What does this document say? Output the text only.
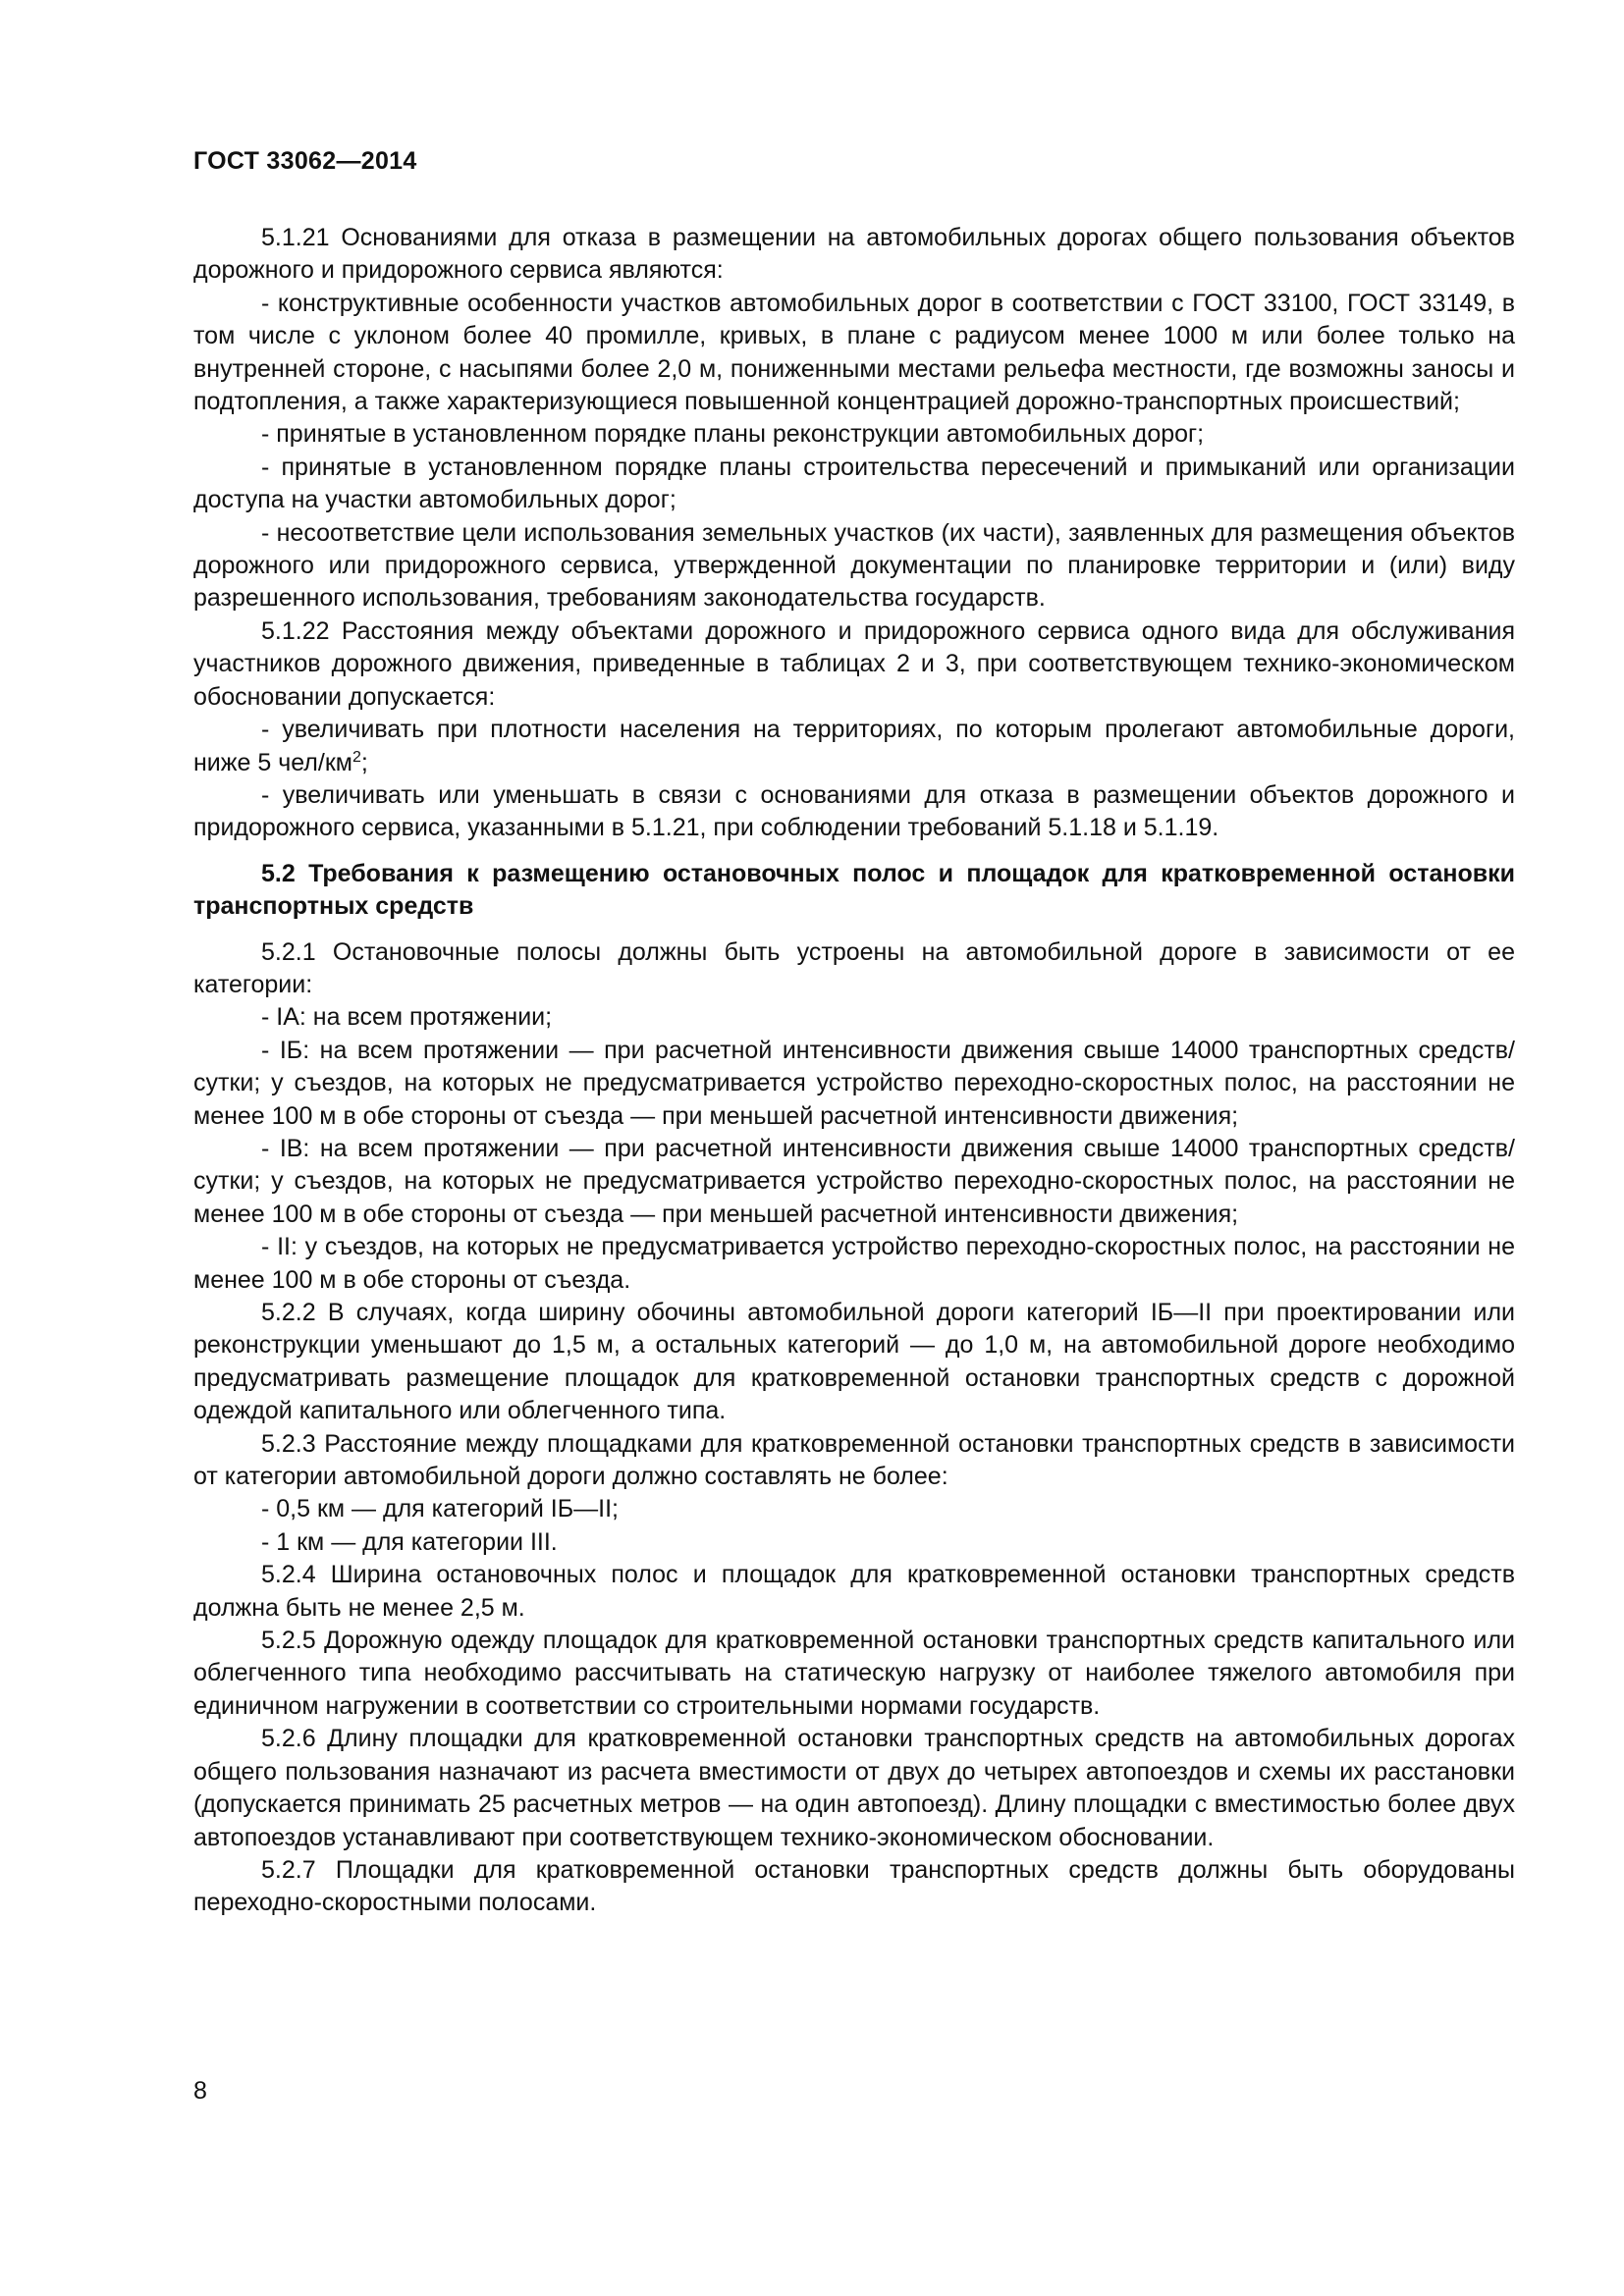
ГОСТ 33062—2014

5.1.21 Основаниями для отказа в размещении на автомобильных дорогах общего пользования объектов дорожного и придорожного сервиса являются:

- конструктивные особенности участков автомобильных дорог в соответствии с ГОСТ 33100, ГОСТ 33149, в том числе с уклоном более 40 промилле, кривых, в плане с радиусом менее 1000 м или более только на внутренней стороне, с насыпями более 2,0 м, пониженными местами рельефа местности, где возможны заносы и подтопления, а также характеризующиеся повышенной концентрацией дорожно-транспортных происшествий;

- принятые в установленном порядке планы реконструкции автомобильных дорог;

- принятые в установленном порядке планы строительства пересечений и примыканий или организации доступа на участки автомобильных дорог;

- несоответствие цели использования земельных участков (их части), заявленных для размещения объектов дорожного или придорожного сервиса, утвержденной документации по планировке территории и (или) виду разрешенного использования, требованиям законодательства государств.

5.1.22 Расстояния между объектами дорожного и придорожного сервиса одного вида для обслуживания участников дорожного движения, приведенные в таблицах 2 и 3, при соответствующем технико-экономическом обосновании допускается:

- увеличивать при плотности населения на территориях, по которым пролегают автомобильные дороги, ниже 5 чел/$км^2$;

- увеличивать или уменьшать в связи с основаниями для отказа в размещении объектов дорожного и придорожного сервиса, указанными в 5.1.21, при соблюдении требований 5.1.18 и 5.1.19.

5.2 Требования к размещению остановочных полос и площадок для кратковременной остановки транспортных средств

5.2.1 Остановочные полосы должны быть устроены на автомобильной дороге в зависимости от ее категории:

- IA: на всем протяжении;

- IБ: на всем протяжении — при расчетной интенсивности движения свыше 14000 транспортных средств/сутки; у съездов, на которых не предусматривается устройство переходно-скоростных полос, на расстоянии не менее 100 м в обе стороны от съезда — при меньшей расчетной интенсивности движения;

- IB: на всем протяжении — при расчетной интенсивности движения свыше 14000 транспортных средств/сутки; у съездов, на которых не предусматривается устройство переходно-скоростных полос, на расстоянии не менее 100 м в обе стороны от съезда — при меньшей расчетной интенсивности движения;

- II: у съездов, на которых не предусматривается устройство переходно-скоростных полос, на расстоянии не менее 100 м в обе стороны от съезда.

5.2.2 В случаях, когда ширину обочины автомобильной дороги категорий IБ—II при проектировании или реконструкции уменьшают до 1,5 м, а остальных категорий — до 1,0 м, на автомобильной дороге необходимо предусматривать размещение площадок для кратковременной остановки транспортных средств с дорожной одеждой капитального или облегченного типа.

5.2.3 Расстояние между площадками для кратковременной остановки транспортных средств в зависимости от категории автомобильной дороги должно составлять не более:

- 0,5 км — для категорий IБ—II;

- 1 км — для категории III.

5.2.4 Ширина остановочных полос и площадок для кратковременной остановки транспортных средств должна быть не менее 2,5 м.

5.2.5 Дорожную одежду площадок для кратковременной остановки транспортных средств капитального или облегченного типа необходимо рассчитывать на статическую нагрузку от наиболее тяжелого автомобиля при единичном нагружении в соответствии со строительными нормами государств.

5.2.6 Длину площадки для кратковременной остановки транспортных средств на автомобильных дорогах общего пользования назначают из расчета вместимости от двух до четырех автопоездов и схемы их расстановки (допускается принимать 25 расчетных метров — на один автопоезд). Длину площадки с вместимостью более двух автопоездов устанавливают при соответствующем технико-экономическом обосновании.

5.2.7 Площадки для кратковременной остановки транспортных средств должны быть оборудованы переходно-скоростными полосами.

8
